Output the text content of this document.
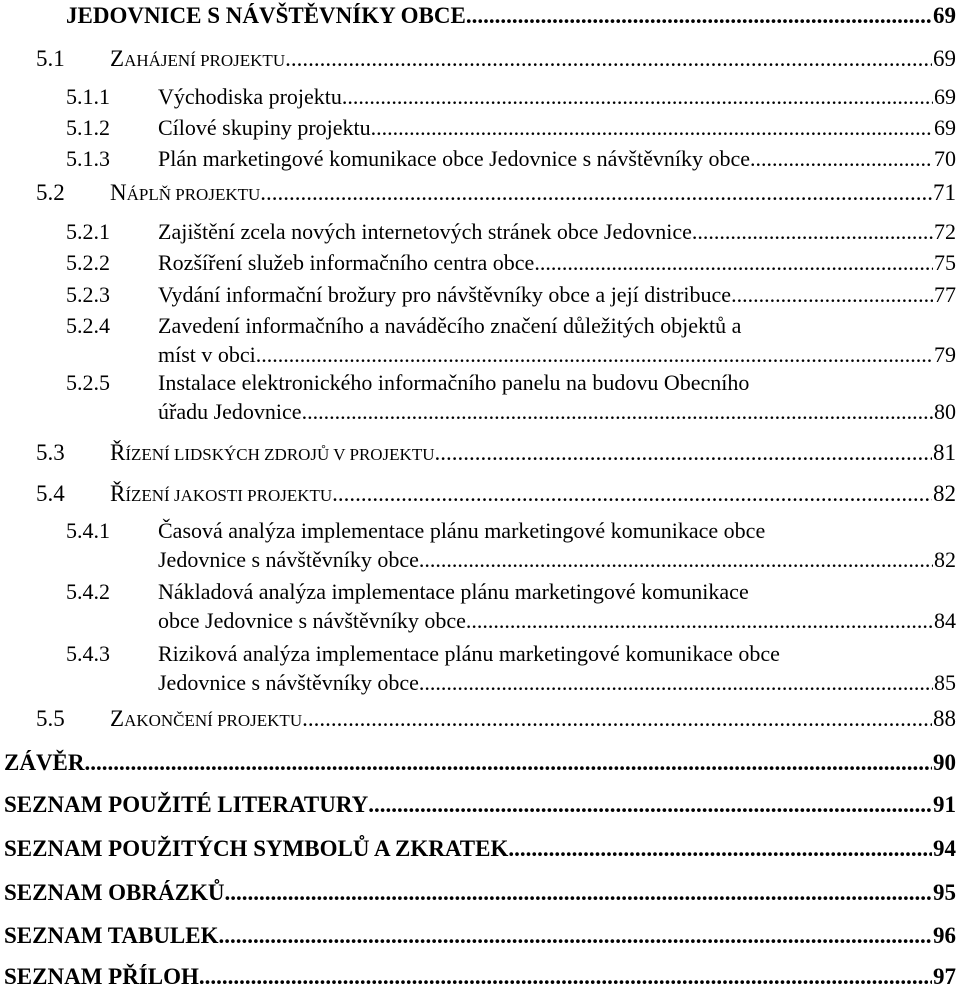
JEDOVNICE S NÁVŠTĚVNÍKY OBCE .....	69
5.1 ZAHÁJENÍ PROJEKTU .....	69
5.1.1 Východiska projektu .....	69
5.1.2 Cílové skupiny projektu .....	69
5.1.3 Plán marketingové komunikace obce Jedovnice s návštěvníky obce .....	70
5.2 NÁPLŇ PROJEKTU .....	71
5.2.1 Zajištění zcela nových internetových stránek obce Jedovnice .....	72
5.2.2 Rozšíření služeb informačního centra obce .....	75
5.2.3 Vydání informační brožury pro návštěvníky obce a její distribuce .....	77
5.2.4 Zavedení informačního a naváděcího značení důležitých objektů a
míst v obci .....	79
5.2.5 Instalace elektronického informačního panelu na budovu Obecního
úřadu Jedovnice .....	80
5.3 ŘÍZENÍ LIDSKÝCH ZDROJŮ V PROJEKTU .....	81
5.4 ŘÍZENÍ JAKOSTI PROJEKTU .....	82
5.4.1 Časová analýza implementace plánu marketingové komunikace obce
Jedovnice s návštěvníky obce .....	82
5.4.2 Nákladová analýza implementace plánu marketingové komunikace
obce Jedovnice s návštěvníky obce .....	84
5.4.3 Riziková analýza implementace plánu marketingové komunikace obce
Jedovnice s návštěvníky obce .....	85
5.5 ZAKONČENÍ PROJEKTU .....	88
ZÁVĚR .....	90
SEZNAM POUŽITÉ LITERATURY .....	91
SEZNAM POUŽITÝCH SYMBOLŮ A ZKRATEK .....	94
SEZNAM OBRÁZKŮ .....	95
SEZNAM TABULEK .....	96
SEZNAM PŘÍLOH .....	97
